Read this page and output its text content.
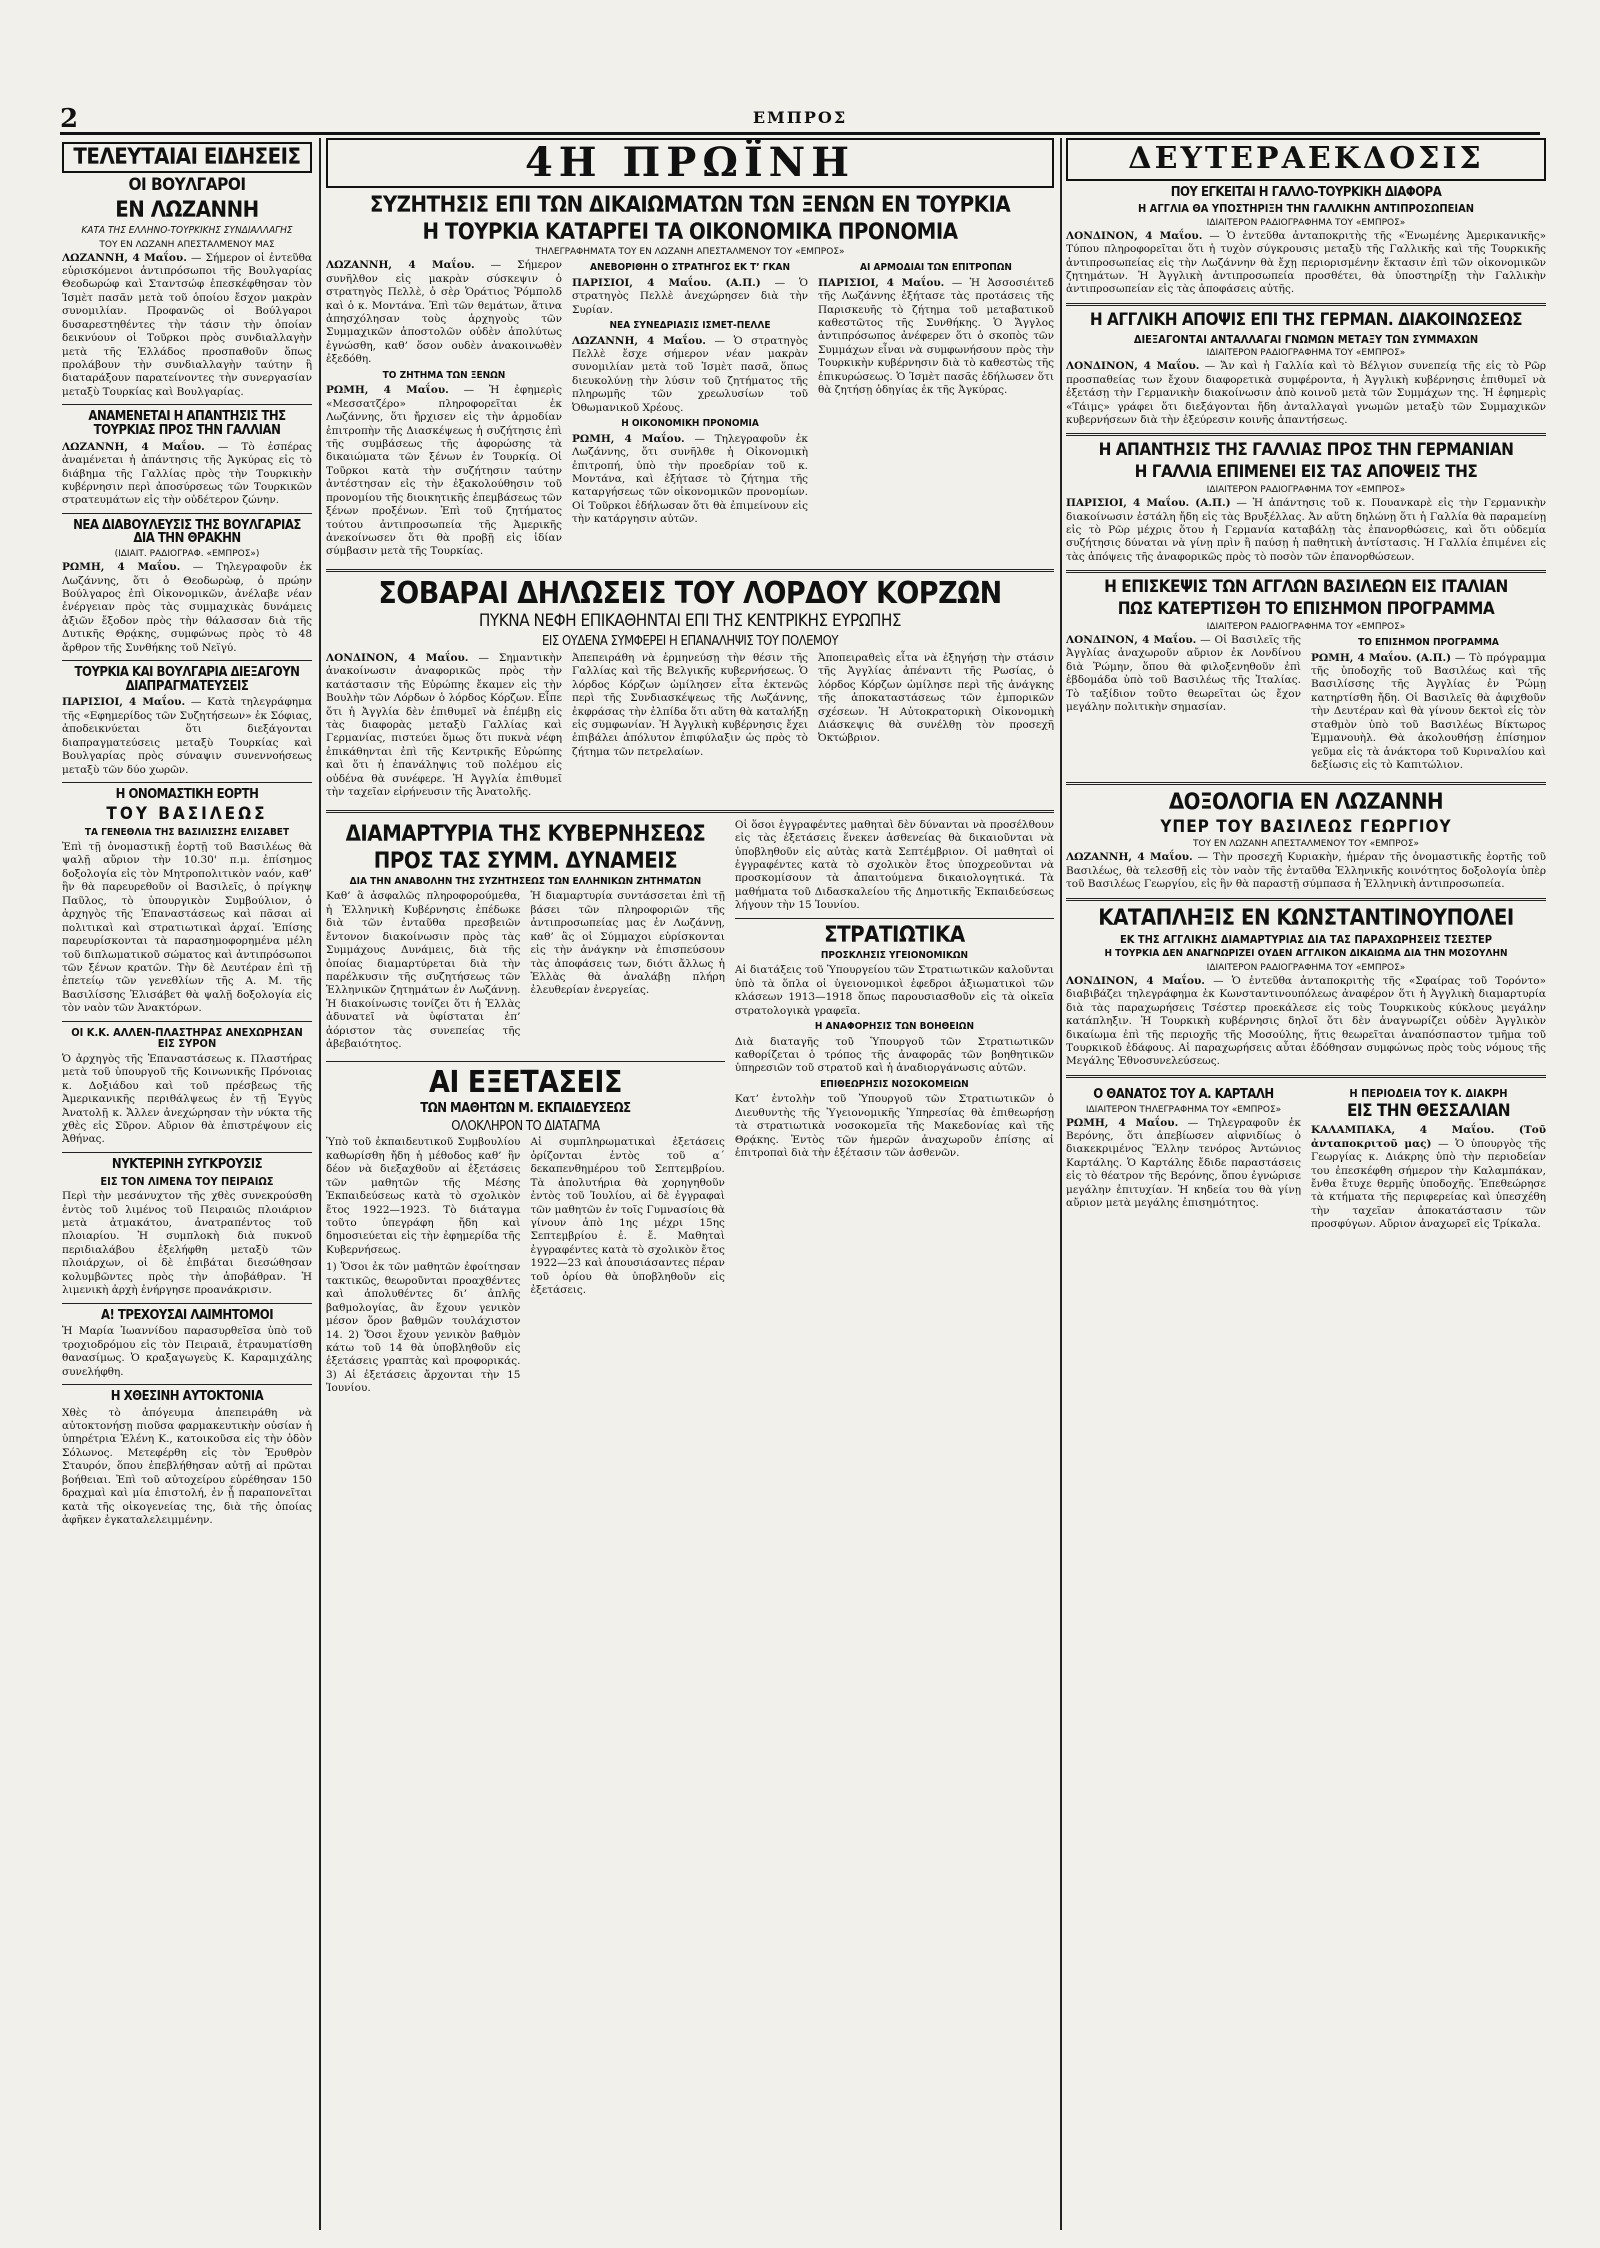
2	ΕΜΠΡΟΣ
ΤΕΛΕΥΤΑΙΑΙ ΕΙΔΗΣΕΙΣ
ΟΙ ΒΟΥΛΓΑΡΟΙ
ΕΝ ΛΩΖΑΝΝΗ
ΚΑΤΑ ΤΗΣ ΕΛΛΗΝΟ-ΤΟΥΡΚΙΚΗΣ ΣΥΝΔΙΑΛΛΑΓΗΣ
ΤΟΥ ΕΝ ΛΩΖΑΝΗ ΑΠΕΣΤΑΛΜΕΝΟΥ ΜΑΣ

ΛΩΖΑΝΝΗ, 4 Μαΐου. — Σήμερον οἱ ἐντεῦθα εὑρισκόμενοι ἀντιπρόσωποι τῆς Βουλγαρίας Θεοδωρώφ καὶ Σταντσώφ ἐπεσκέφθησαν τὸν Ἰσμὲτ πασᾶν μετὰ τοῦ ὁποίου ἔσχον μακρὰν συνομιλίαν. Προφανῶς οἱ Βούλγαροι δυσαρεστηθέντες τὴν τάσιν τὴν ὁποίαν δεικνύουν οἱ Τοῦρκοι πρὸς συνδιαλλαγὴν μετὰ τῆς Ἑλλάδος προσπαθοῦν ὅπως προλάβουν τὴν συνδιαλλαγὴν ταύτην ἢ διαταράξουν παρατείνοντες τὴν συνεργασίαν μεταξὺ Τουρκίας καὶ Βουλγαρίας.

ΑΝΑΜΕΝΕΤΑΙ Η ΑΠΑΝΤΗΣΙΣ ΤΗΣ ΤΟΥΡΚΙΑΣ ΠΡΟΣ ΤΗΝ ΓΑΛΛΙΑΝ

ΛΩΖΑΝΝΗ, 4 Μαΐου. — Τὸ ἐσπέρας ἀναμένεται ἡ ἀπάντησις τῆς Ἀγκύρας εἰς τὸ διάβημα τῆς Γαλλίας πρὸς τὴν Τουρκικὴν κυβέρνησιν περὶ ἀποσύρσεως τῶν Τουρκικῶν στρατευμάτων εἰς τὴν οὐδέτερον ζώνην.

ΝΕΑ ΔΙΑΒΟΥΛΕΥΣΙΣ ΤΗΣ ΒΟΥΛΓΑΡΙΑΣ ΔΙΑ ΤΗΝ ΘΡΑΚΗΝ
(ΙΔΙΑΙΤ. ΡΑΔΙΟΓΡΑΦ. «ΕΜΠΡΟΣ»)

ΡΩΜΗ, 4 Μαΐου. — Τηλεγραφοῦν ἐκ Λωζάννης, ὅτι ὁ Θεοδωρὼφ, ὁ πρώην Βούλγαρος ἐπὶ Οἰκονομικῶν, ἀνέλαβε νέαν ἐνέργειαν πρὸς τὰς συμμαχικὰς δυνάμεις ἀξιῶν ἔξοδον πρὸς τὴν θάλασσαν διὰ τῆς Δυτικῆς Θρᾴκης, συμφώνως πρὸς τὸ 48 ἄρθρον τῆς Συνθήκης τοῦ Νεϊγύ.

ΤΟΥΡΚΙΑ ΚΑΙ ΒΟΥΛΓΑΡΙΑ ΔΙΕΞΑΓΟΥΝ ΔΙΑΠΡΑΓΜΑΤΕΥΣΕΙΣ

ΠΑΡΙΣΙΟΙ, 4 Μαΐου. — Κατὰ τηλεγράφημα τῆς «Εφημερίδος τῶν Συζητήσεων» ἐκ Σόφιας, ἀποδεικνύεται ὅτι διεξάγονται διαπραγματεύσεις μεταξὺ Τουρκίας καὶ Βουλγαρίας πρὸς σύναψιν συνεννοήσεως μεταξὺ τῶν δύο χωρῶν.

Η ΟΝΟΜΑΣΤΙΚΗ ΕΟΡΤΗ
ΤΟΥ ΒΑΣΙΛΕΩΣ
ΤΑ ΓΕΝΕΘΛΙΑ ΤΗΣ ΒΑΣΙΛΙΣΣΗΣ ΕΛΙΣΑΒΕΤ

Ἐπὶ τῇ ὀνομαστικῇ ἑορτῇ τοῦ Βασιλέως θὰ ψαλῇ αὔριον τὴν 10.30' π.μ. ἐπίσημος δοξολογία εἰς τὸν Μητροπολιτικὸν ναόν, καθ’ ἣν θὰ παρευρεθοῦν οἱ Βασιλεῖς, ὁ πρίγκηψ Παῦλος, τὸ ὑπουργικὸν Συμβούλιον, ὁ ἀρχηγὸς τῆς Ἐπαναστάσεως καὶ πᾶσαι αἱ πολιτικαὶ καὶ στρατιωτικαὶ ἀρχαί. Ἐπίσης παρευρίσκονται τὰ παρασημοφορημένα μέλη τοῦ διπλωματικοῦ σώματος καὶ ἀντιπρόσωποι τῶν ξένων κρατῶν. Τὴν δὲ Δευτέραν ἐπὶ τῇ ἐπετείῳ τῶν γενεθλίων τῆς Α. Μ. τῆς Βασιλίσσης Ἐλισάβετ θὰ ψαλῇ δοξολογία εἰς τὸν ναὸν τῶν Ἀνακτόρων.

ΟΙ Κ.Κ. ΑΛΛΕΝ-ΠΛΑΣΤΗΡΑΣ ΑΝΕΧΩΡΗΣΑΝ ΕΙΣ ΣΥΡΟΝ

Ὁ ἀρχηγὸς τῆς Ἐπαναστάσεως κ. Πλαστήρας μετὰ τοῦ ὑπουργοῦ τῆς Κοινωνικῆς Πρόνοιας κ. Δοξιάδου καὶ τοῦ πρέσβεως τῆς Ἀμερικανικῆς περιθάλψεως ἐν τῇ Ἐγγὺς Ἀνατολῇ κ. Ἄλλεν ἀνεχώρησαν τὴν νύκτα τῆς χθὲς εἰς Σῦρον. Αὔριον θὰ ἐπιστρέψουν εἰς Ἀθήνας.

ΝΥΚΤΕΡΙΝΗ ΣΥΓΚΡΟΥΣΙΣ
ΕΙΣ ΤΟΝ ΛΙΜΕΝΑ ΤΟΥ ΠΕΙΡΑΙΩΣ

Περὶ τὴν μεσάνυχτον τῆς χθὲς συνεκρούσθη ἐντὸς τοῦ λιμένος τοῦ Πειραιῶς πλοιάριον μετὰ ἀτμακάτου, ἀνατραπέντος τοῦ πλοιαρίου. Ἡ συμπλοκὴ διὰ πυκνοῦ περιδιαλάβου ἐξελήφθη μεταξὺ τῶν πλοιάρχων, οἱ δὲ ἐπιβάται διεσώθησαν κολυμβῶντες πρὸς τὴν ἀποβάθραν. Ἡ λιμενικὴ ἀρχὴ ἐνήργησε προανάκρισιν.

Α! ΤΡΕΧΟΥΣΑΙ ΛΑΙΜΗΤΟΜΟΙ

Ἡ Μαρία Ἰωαννίδου παρασυρθεῖσα ὑπὸ τοῦ τροχιοδρόμου εἰς τὸν Πειραιᾶ, ἐτραυματίσθη θανασίμως. Ὁ κραξαγωγεὺς Κ. Καραμιχάλης συνελήφθη.

Η ΧΘΕΣΙΝΗ ΑΥΤΟΚΤΟΝΙΑ

Χθὲς τὸ ἀπόγευμα ἀπεπειράθη νὰ αὐτοκτονήσῃ πιοῦσα φαρμακευτικὴν οὐσίαν ἡ ὑπηρέτρια Ἑλένη Κ., κατοικοῦσα εἰς τὴν ὁδὸν Σόλωνος. Μετεφέρθη εἰς τὸν Ἑρυθρὸν Σταυρόν, ὅπου ἐπεβλήθησαν αὐτῇ αἱ πρῶται βοήθειαι. Ἐπὶ τοῦ αὐτοχείρου εὑρέθησαν 150 δραχμαὶ καὶ μία ἐπιστολή, ἐν ᾗ παραπονεῖται κατὰ τῆς οἰκογενείας της, διὰ τῆς ὁποίας ἀφῆκεν ἐγκαταλελειμμένην.

4Η ΠΡΩΪΝΗ
ΣΥΖΗΤΗΣΙΣ ΕΠΙ ΤΩΝ ΔΙΚΑΙΩΜΑΤΩΝ ΤΩΝ ΞΕΝΩΝ ΕΝ ΤΟΥΡΚΙΑ
Η ΤΟΥΡΚΙΑ ΚΑΤΑΡΓΕΙ ΤΑ ΟΙΚΟΝΟΜΙΚΑ ΠΡΟΝΟΜΙΑ
ΤΗΛΕΓΡΑΦΗΜΑΤΑ ΤΟΥ ΕΝ ΛΩΖΑΝΗ ΑΠΕΣΤΑΛΜΕΝΟΥ ΤΟΥ «ΕΜΠΡΟΣ»

ΛΩΖΑΝΝΗ, 4 Μαΐου. — Σήμερον συνῆλθον εἰς μακρὰν σύσκεψιν ὁ στρατηγὸς Πελλὲ, ὁ σὲρ Ὁράτιος Ῥόμπολδ καὶ ὁ κ. Μοντάνα. Ἐπὶ τῶν θεμάτων, ἅτινα ἀπησχόλησαν τοὺς ἀρχηγοὺς τῶν Συμμαχικῶν ἀποστολῶν οὐδὲν ἀπολύτως ἐγνώσθη, καθ’ ὅσον ουδὲν ἀνακοινωθὲν ἐξεδόθη.

ΤΟ ΖΗΤΗΜΑ ΤΩΝ ΞΕΝΩΝ

ΡΩΜΗ, 4 Μαΐου. — Ἡ ἐφημερὶς «Μεσσατζέρο» πληροφορεῖται ἐκ Λωζάννης, ὅτι ἤρχισεν εἰς τὴν ἁρμοδίαν ἐπιτροπὴν τῆς Διασκέψεως ἡ συζήτησις ἐπὶ τῆς συμβάσεως τῆς ἀφορώσης τὰ δικαιώματα τῶν ξένων ἐν Τουρκίᾳ. Οἱ Τοῦρκοι κατὰ τὴν συζήτησιν ταύτην ἀντέστησαν εἰς τὴν ἐξακολούθησιν τοῦ προνομίου τῆς διοικητικῆς ἐπεμβάσεως τῶν ξένων προξένων. Ἐπὶ τοῦ ζητήματος τούτου ἀντιπροσωπεία τῆς Ἀμερικῆς ἀνεκοίνωσεν ὅτι θὰ προβῇ εἰς ἰδίαν σύμβασιν μετὰ τῆς Τουρκίας.

ΑΝΕΒΟΡΙΘΗΗ Ο ΣΤΡΑΤΗΓΟΣ ΕΚ Τ’ ΓΚΑΝ

ΠΑΡΙΣΙΟΙ, 4 Μαΐου. (Α.Π.) — Ὁ στρατηγὸς Πελλὲ ἀνεχώρησεν διὰ τὴν Συρίαν.

ΝΕΑ ΣΥΝΕΔΡΙΑΣΙΣ ΙΣΜΕΤ-ΠΕΛΛΕ

ΛΩΖΑΝΝΗ, 4 Μαΐου. — Ὁ στρατηγὸς Πελλὲ ἔσχε σήμερον νέαν μακρὰν συνομιλίαν μετὰ τοῦ Ἰσμὲτ πασᾶ, ὅπως διευκολύνῃ τὴν λύσιν τοῦ ζητήματος τῆς πληρωμῆς τῶν χρεωλυσίων τοῦ Ὀθωμανικοῦ Χρέους.

Η ΟΙΚΟΝΟΜΙΚΗ ΠΡΟΝΟΜΙΑ

ΡΩΜΗ, 4 Μαΐου. — Τηλεγραφοῦν ἐκ Λωζάννης, ὅτι συνῆλθε ἡ Οἰκονομικὴ ἐπιτροπή, ὑπὸ τὴν προεδρίαν τοῦ κ. Μοντάνα, καὶ ἐξήτασε τὸ ζήτημα τῆς καταργήσεως τῶν οἰκονομικῶν προνομίων. Οἱ Τοῦρκοι ἐδήλωσαν ὅτι θὰ ἐπιμείνουν εἰς τὴν κατάργησιν αὐτῶν.

ΑΙ ΑΡΜΟΔΙΑΙ ΤΩΝ ΕΠΙΤΡΟΠΩΝ

ΠΑΡΙΣΙΟΙ, 4 Μαΐου. — Ἡ Ἀσσοσιέιτεδ τῆς Λωζάννης ἐξήτασε τὰς προτάσεις τῆς Παρισκευῆς τὸ ζήτημα τοῦ μεταβατικοῦ καθεστῶτος τῆς Συνθήκης. Ὁ Ἄγγλος ἀντιπρόσωπος ἀνέφερεν ὅτι ὁ σκοπὸς τῶν Συμμάχων εἶναι νὰ συμφωνήσουν πρὸς τὴν Τουρκικὴν κυβέρνησιν διὰ τὸ καθεστὼς τῆς ἐπικυρώσεως. Ὁ Ἰσμὲτ πασᾶς ἐδήλωσεν ὅτι θὰ ζητήσῃ ὁδηγίας ἐκ τῆς Ἀγκύρας.

ΣΟΒΑΡΑΙ ΔΗΛΩΣΕΙΣ ΤΟΥ ΛΟΡΔΟΥ ΚΟΡΖΩΝ
ΠΥΚΝΑ ΝΕΦΗ ΕΠΙΚΑΘΗΝΤΑΙ ΕΠΙ ΤΗΣ ΚΕΝΤΡΙΚΗΣ ΕΥΡΩΠΗΣ
ΕΙΣ ΟΥΔΕΝΑ ΣΥΜΦΕΡΕΙ Η ΕΠΑΝΑΛΗΨΙΣ ΤΟΥ ΠΟΛΕΜΟΥ

ΛΟΝΔΙΝΟΝ, 4 Μαΐου. — Σημαντικὴν ἀνακοίνωσιν ἀναφορικῶς πρὸς τὴν κατάστασιν τῆς Εὐρώπης ἔκαμεν εἰς τὴν Βουλὴν τῶν Λόρδων ὁ λόρδος Κόρζων. Εἶπε ὅτι ἡ Ἀγγλία δὲν ἐπιθυμεῖ νὰ ἐπέμβῃ εἰς τὰς διαφορὰς μεταξὺ Γαλλίας καὶ Γερμανίας, πιστεύει ὅμως ὅτι πυκνὰ νέφη ἐπικάθηνται ἐπὶ τῆς Κεντρικῆς Εὐρώπης καὶ ὅτι ἡ ἐπανάληψις τοῦ πολέμου εἰς οὐδένα θὰ συνέφερε. Ἡ Ἀγγλία ἐπιθυμεῖ τὴν ταχεῖαν εἰρήνευσιν τῆς Ἀνατολῆς.

Ἀπεπειράθη νὰ ἑρμηνεύσῃ τὴν θέσιν τῆς Γαλλίας καὶ τῆς Βελγικῆς κυβερνήσεως. Ὁ λόρδος Κόρζων ὡμίλησεν εἶτα ἐκτενῶς περὶ τῆς Συνδιασκέψεως τῆς Λωζάννης, ἐκφράσας τὴν ἐλπίδα ὅτι αὕτη θὰ καταλήξῃ εἰς συμφωνίαν. Ἡ Ἀγγλικὴ κυβέρνησις ἔχει ἐπιβάλει ἀπόλυτον ἐπιφύλαξιν ὡς πρὸς τὸ ζήτημα τῶν πετρελαίων.

Ἀποπειραθεὶς εἶτα νὰ ἐξηγήσῃ τὴν στάσιν τῆς Ἀγγλίας ἀπέναντι τῆς Ρωσίας, ὁ λόρδος Κόρζων ὡμίλησε περὶ τῆς ἀνάγκης τῆς ἀποκαταστάσεως τῶν ἐμπορικῶν σχέσεων. Ἡ Αὐτοκρατορικὴ Οἰκονομικὴ Διάσκεψις θὰ συνέλθῃ τὸν προσεχῆ Ὀκτώβριον.

ΔΙΑΜΑΡΤΥΡΙΑ ΤΗΣ ΚΥΒΕΡΝΗΣΕΩΣ
ΠΡΟΣ ΤΑΣ ΣΥΜΜ. ΔΥΝΑΜΕΙΣ
ΔΙΑ ΤΗΝ ΑΝΑΒΟΛΗΝ ΤΗΣ ΣΥΖΗΤΗΣΕΩΣ ΤΩΝ ΕΛΛΗΝΙΚΩΝ ΖΗΤΗΜΑΤΩΝ

Καθ’ ἃ ἀσφαλῶς πληροφορούμεθα, ἡ Ἑλληνικὴ Κυβέρνησις ἐπέδωκε διὰ τῶν ἐνταῦθα πρεσβειῶν ἔντονον διακοίνωσιν πρὸς τὰς Συμμάχους Δυνάμεις, διὰ τῆς ὁποίας διαμαρτύρεται διὰ τὴν παρέλκυσιν τῆς συζητήσεως τῶν Ἑλληνικῶν ζητημάτων ἐν Λωζάννῃ. Ἡ διακοίνωσις τονίζει ὅτι ἡ Ἑλλὰς ἀδυνατεῖ νὰ ὑφίσταται ἐπ’ ἀόριστον τὰς συνεπείας τῆς ἀβεβαιότητος.

Ἡ διαμαρτυρία συντάσσεται ἐπὶ τῇ βάσει τῶν πληροφοριῶν τῆς ἀντιπροσωπείας μας ἐν Λωζάννῃ, καθ’ ἃς οἱ Σύμμαχοι εὑρίσκονται εἰς τὴν ἀνάγκην νὰ ἐπισπεύσουν τὰς ἀποφάσεις των, διότι ἄλλως ἡ Ἑλλὰς θὰ ἀναλάβῃ πλήρη ἐλευθερίαν ἐνεργείας.

ΑΙ ΕΞΕΤΑΣΕΙΣ
ΤΩΝ ΜΑΘΗΤΩΝ Μ. ΕΚΠΑΙΔΕΥΣΕΩΣ
ΟΛΟΚΛΗΡΟΝ ΤΟ ΔΙΑΤΑΓΜΑ

Ὑπὸ τοῦ ἐκπαιδευτικοῦ Συμβουλίου καθωρίσθη ἤδη ἡ μέθοδος καθ’ ἣν δέον νὰ διεξαχθοῦν αἱ ἐξετάσεις τῶν μαθητῶν τῆς Μέσης Ἐκπαιδεύσεως κατὰ τὸ σχολικὸν ἔτος 1922—1923. Τὸ διάταγμα τοῦτο ὑπεγράφη ἤδη καὶ δημοσιεύεται εἰς τὴν ἐφημερίδα τῆς Κυβερνήσεως.

1) Ὅσοι ἐκ τῶν μαθητῶν ἐφοίτησαν τακτικῶς, θεωροῦνται προαχθέντες καὶ ἀπολυθέντες δι’ ἀπλῆς βαθμολογίας, ἂν ἔχουν γενικὸν μέσον ὅρον βαθμῶν τουλάχιστον 14. 2) Ὅσοι ἔχουν γενικὸν βαθμὸν κάτω τοῦ 14 θὰ ὑποβληθοῦν εἰς ἐξετάσεις γραπτὰς καὶ προφορικάς. 3) Αἱ ἐξετάσεις ἄρχονται τὴν 15 Ἰουνίου.

Αἱ συμπληρωματικαὶ ἐξετάσεις ὁρίζονται ἐντὸς τοῦ α΄ δεκαπενθημέρου τοῦ Σεπτεμβρίου. Τὰ ἀπολυτήρια θὰ χορηγηθοῦν ἐντὸς τοῦ Ἰουλίου, αἱ δὲ ἐγγραφαὶ τῶν μαθητῶν ἐν τοῖς Γυμνασίοις θὰ γίνουν ἀπὸ 1ης μέχρι 15ης Σεπτεμβρίου ἐ. ἔ. Μαθηταὶ ἐγγραφέντες κατὰ τὸ σχολικὸν ἔτος 1922—23 καὶ ἀπουσιάσαντες πέραν τοῦ ὁρίου θὰ ὑποβληθοῦν εἰς ἐξετάσεις.

Οἱ ὅσοι ἐγγραφέντες μαθηταὶ δὲν δύνανται νὰ προσέλθουν εἰς τὰς ἐξετάσεις ἕνεκεν ἀσθενείας θὰ δικαιοῦνται νὰ ὑποβληθοῦν εἰς αὐτὰς κατὰ Σεπτέμβριον. Οἱ μαθηταὶ οἱ ἐγγραφέντες κατὰ τὸ σχολικὸν ἔτος ὑποχρεοῦνται νὰ προσκομίσουν τὰ ἀπαιτούμενα δικαιολογητικά. Τὰ μαθήματα τοῦ Διδασκαλείου τῆς Δημοτικῆς Ἐκπαιδεύσεως λήγουν τὴν 15 Ἰουνίου.

ΣΤΡΑΤΙΩΤΙΚΑ
ΠΡΟΣΚΛΗΣΙΣ ΥΓΕΙΟΝΟΜΙΚΩΝ

Αἱ διατάξεις τοῦ Ὑπουργείου τῶν Στρατιωτικῶν καλοῦνται ὑπὸ τὰ ὅπλα οἱ ὑγειονομικοὶ ἐφεδροι ἀξιωματικοὶ τῶν κλάσεων 1913—1918 ὅπως παρουσιασθοῦν εἰς τὰ οἰκεῖα στρατολογικὰ γραφεῖα.

Η ΑΝΑΦΟΡΗΣΙΣ ΤΩΝ ΒΟΗΘΕΙΩΝ

Διὰ διαταγῆς τοῦ Ὑπουργοῦ τῶν Στρατιωτικῶν καθορίζεται ὁ τρόπος τῆς ἀναφορᾶς τῶν βοηθητικῶν ὑπηρεσιῶν τοῦ στρατοῦ καὶ ἡ ἀναδιοργάνωσις αὐτῶν.

ΕΠΙΘΕΩΡΗΣΙΣ ΝΟΣΟΚΟΜΕΙΩΝ

Κατ’ ἐντολὴν τοῦ Ὑπουργοῦ τῶν Στρατιωτικῶν ὁ Διευθυντὴς τῆς Ὑγειονομικῆς Ὑπηρεσίας θὰ ἐπιθεωρήσῃ τὰ στρατιωτικὰ νοσοκομεῖα τῆς Μακεδονίας καὶ τῆς Θρᾴκης. Ἐντὸς τῶν ἡμερῶν ἀναχωροῦν ἐπίσης αἱ ἐπιτροπαὶ διὰ τὴν ἐξέτασιν τῶν ἀσθενῶν.

ΔΕΥΤΕΡΑΕΚΔΟΣΙΣ
ΠΟΥ ΕΓΚΕΙΤΑΙ Η ΓΑΛΛΟ-ΤΟΥΡΚΙΚΗ ΔΙΑΦΟΡΑ
Η ΑΓΓΛΙΑ ΘΑ ΥΠΟΣΤΗΡΙΞΗ ΤΗΝ ΓΑΛΛΙΚΗΝ ΑΝΤΙΠΡΟΣΩΠΕΙΑΝ
ΙΔΙΑΙΤΕΡΟΝ ΡΑΔΙΟΓΡΑΦΗΜΑ ΤΟΥ «ΕΜΠΡΟΣ»

ΛΟΝΔΙΝΟΝ, 4 Μαΐου. — Ὁ ἐντεῦθα ἀνταποκριτὴς τῆς «Ἑνωμένης Ἀμερικανικῆς» Τύπου πληροφορεῖται ὅτι ἡ τυχὸν σύγκρουσις μεταξὺ τῆς Γαλλικῆς καὶ τῆς Τουρκικῆς ἀντιπροσωπείας εἰς τὴν Λωζάννην θὰ ἔχῃ περιορισμένην ἔκτασιν ἐπὶ τῶν οἰκονομικῶν ζητημάτων. Ἡ Ἀγγλικὴ ἀντιπροσωπεία προσθέτει, θὰ ὑποστηρίξῃ τὴν Γαλλικὴν ἀντιπροσωπείαν εἰς τὰς ἀποφάσεις αὐτῆς.

Η ΑΓΓΛΙΚΗ ΑΠΟΨΙΣ ΕΠΙ ΤΗΣ ΓΕΡΜΑΝ. ΔΙΑΚΟΙΝΩΣΕΩΣ
ΔΙΕΞΑΓΟΝΤΑΙ ΑΝΤΑΛΛΑΓΑΙ ΓΝΩΜΩΝ ΜΕΤΑΞΥ ΤΩΝ ΣΥΜΜΑΧΩΝ
ΙΔΙΑΙΤΕΡΟΝ ΡΑΔΙΟΓΡΑΦΗΜΑ ΤΟΥ «ΕΜΠΡΟΣ»

ΛΟΝΔΙΝΟΝ, 4 Μαΐου. — Ἄν καὶ ἡ Γαλλία καὶ τὸ Βέλγιον συνεπείᾳ τῆς εἰς τὸ Ρῶρ προσπαθείας των ἔχουν διαφορετικὰ συμφέροντα, ἡ Ἀγγλικὴ κυβέρνησις ἐπιθυμεῖ νὰ ἐξετάσῃ τὴν Γερμανικὴν διακοίνωσιν ἀπὸ κοινοῦ μετὰ τῶν Συμμάχων της. Ἡ ἐφημερὶς «Τάιμς» γράφει ὅτι διεξάγονται ἤδη ἀνταλλαγαὶ γνωμῶν μεταξὺ τῶν Συμμαχικῶν κυβερνήσεων διὰ τὴν ἐξεύρεσιν κοινῆς ἀπαντήσεως.

Η ΑΠΑΝΤΗΣΙΣ ΤΗΣ ΓΑΛΛΙΑΣ ΠΡΟΣ ΤΗΝ ΓΕΡΜΑΝΙΑΝ
Η ΓΑΛΛΙΑ ΕΠΙΜΕΝΕΙ ΕΙΣ ΤΑΣ ΑΠΟΨΕΙΣ ΤΗΣ
ΙΔΙΑΙΤΕΡΟΝ ΡΑΔΙΟΓΡΑΦΗΜΑ ΤΟΥ «ΕΜΠΡΟΣ»

ΠΑΡΙΣΙΟΙ, 4 Μαΐου. (Α.Π.) — Ἡ ἀπάντησις τοῦ κ. Πουανκαρὲ εἰς τὴν Γερμανικὴν διακοίνωσιν ἐστάλη ἤδη εἰς τὰς Βρυξέλλας. Ἀν αὕτη δηλώνῃ ὅτι ἡ Γαλλία θὰ παραμείνῃ εἰς τὸ Ρῶρ μέχρις ὅτου ἡ Γερμανία καταβάλῃ τὰς ἐπανορθώσεις, καὶ ὅτι οὐδεμία συζήτησις δύναται νὰ γίνῃ πρὶν ἢ παύσῃ ἡ παθητικὴ ἀντίστασις. Ἡ Γαλλία ἐπιμένει εἰς τὰς ἀπόψεις τῆς ἀναφορικῶς πρὸς τὸ ποσὸν τῶν ἐπανορθώσεων.

Η ΕΠΙΣΚΕΨΙΣ ΤΩΝ ΑΓΓΛΩΝ ΒΑΣΙΛΕΩΝ ΕΙΣ ΙΤΑΛΙΑΝ
ΠΩΣ ΚΑΤΕΡΤΙΣΘΗ ΤΟ ΕΠΙΣΗΜΟΝ ΠΡΟΓΡΑΜΜΑ
ΙΔΙΑΙΤΕΡΟΝ ΡΑΔΙΟΓΡΑΦΗΜΑ ΤΟΥ «ΕΜΠΡΟΣ»

ΛΟΝΔΙΝΟΝ, 4 Μαΐου. — Οἱ Βασιλεῖς τῆς Ἀγγλίας ἀναχωροῦν αὔριον ἐκ Λονδίνου διὰ Ῥώμην, ὅπου θὰ φιλοξενηθοῦν ἐπὶ ἑβδομάδα ὑπὸ τοῦ Βασιλέως τῆς Ἰταλίας. Τὸ ταξίδιον τοῦτο θεωρεῖται ὡς ἔχον μεγάλην πολιτικὴν σημασίαν.

ΤΟ ΕΠΙΣΗΜΟΝ ΠΡΟΓΡΑΜΜΑ

ΡΩΜΗ, 4 Μαΐου. (Α.Π.) — Τὸ πρόγραμμα τῆς ὑποδοχῆς τοῦ Βασιλέως καὶ τῆς Βασιλίσσης τῆς Ἀγγλίας ἐν Ῥώμῃ κατηρτίσθη ἤδη. Οἱ Βασιλεῖς θὰ ἀφιχθοῦν τὴν Δευτέραν καὶ θὰ γίνουν δεκτοὶ εἰς τὸν σταθμὸν ὑπὸ τοῦ Βασιλέως Βίκτωρος Ἐμμανουὴλ. Θὰ ἀκολουθήσῃ ἐπίσημον γεῦμα εἰς τὰ ἀνάκτορα τοῦ Κυριναλίου καὶ δεξίωσις εἰς τὸ Καπιτώλιον.

ΔΟΞΟΛΟΓΙΑ ΕΝ ΛΩΖΑΝΝΗ
ΥΠΕΡ ΤΟΥ ΒΑΣΙΛΕΩΣ ΓΕΩΡΓΙΟΥ
ΤΟΥ ΕΝ ΛΩΖΑΝΗ ΑΠΕΣΤΑΛΜΕΝΟΥ ΤΟΥ «ΕΜΠΡΟΣ»

ΛΩΖΑΝΝΗ, 4 Μαΐου. — Τὴν προσεχῆ Κυριακὴν, ἡμέραν τῆς ὀνομαστικῆς ἑορτῆς τοῦ Βασιλέως, θὰ τελεσθῇ εἰς τὸν ναὸν τῆς ἐνταῦθα Ἑλληνικῆς κοινότητος δοξολογία ὑπὲρ τοῦ Βασιλέως Γεωργίου, εἰς ἣν θὰ παραστῇ σύμπασα ἡ Ἑλληνικὴ ἀντιπροσωπεία.

ΚΑΤΑΠΛΗΞΙΣ ΕΝ ΚΩΝΣΤΑΝΤΙΝΟΥΠΟΛΕΙ
ΕΚ ΤΗΣ ΑΓΓΛΙΚΗΣ ΔΙΑΜΑΡΤΥΡΙΑΣ ΔΙΑ ΤΑΣ ΠΑΡΑΧΩΡΗΣΕΙΣ ΤΣΕΣΤΕΡ
Η ΤΟΥΡΚΙΑ ΔΕΝ ΑΝΑΓΝΩΡΙΖΕΙ ΟΥΔΕΝ ΑΓΓΛΙΚΟΝ ΔΙΚΑΙΩΜΑ ΔΙΑ ΤΗΝ ΜΟΣΟΥΛΗΝ
ΙΔΙΑΙΤΕΡΟΝ ΡΑΔΙΟΓΡΑΦΗΜΑ ΤΟΥ «ΕΜΠΡΟΣ»

ΛΟΝΔΙΝΟΝ, 4 Μαΐου. — Ὁ ἐντεῦθα ἀνταποκριτὴς τῆς «Σφαίρας τοῦ Τορόντο» διαβιβάζει τηλεγράφημα ἐκ Κωνσταντινουπόλεως ἀναφέρον ὅτι ἡ Ἀγγλικὴ διαμαρτυρία διὰ τὰς παραχωρήσεις Τσέστερ προεκάλεσε εἰς τοὺς Τουρκικοὺς κύκλους μεγάλην κατάπληξιν. Ἡ Τουρκικὴ κυβέρνησις δηλοῖ ὅτι δὲν ἀναγνωρίζει οὐδὲν Ἀγγλικὸν δικαίωμα ἐπὶ τῆς περιοχῆς τῆς Μοσούλης, ἥτις θεωρεῖται ἀναπόσπαστον τμῆμα τοῦ Τουρκικοῦ ἐδάφους. Αἱ παραχωρήσεις αὗται ἐδόθησαν συμφώνως πρὸς τοὺς νόμους τῆς Μεγάλης Ἐθνοσυνελεύσεως.

Ο ΘΑΝΑΤΟΣ ΤΟΥ Α. ΚΑΡΤΑΛΗ
ΙΔΙΑΙΤΕΡΟΝ ΤΗΛΕΓΡΑΦΗΜΑ ΤΟΥ «ΕΜΠΡΟΣ»

ΡΩΜΗ, 4 Μαΐου. — Τηλεγραφοῦν ἐκ Βερόνης, ὅτι ἀπεβίωσεν αἰφνιδίως ὁ διακεκριμένος Ἕλλην τενόρος Ἀντώνιος Καρτάλης. Ὁ Καρτάλης ἔδιδε παραστάσεις εἰς τὸ θέατρον τῆς Βερόνης, ὅπου ἐγνώρισε μεγάλην ἐπιτυχίαν. Ἡ κηδεία του θὰ γίνῃ αὔριον μετὰ μεγάλης ἐπισημότητος.

Η ΠΕΡΙΟΔΕΙΑ ΤΟΥ Κ. ΔΙΑΚΡΗ
ΕΙΣ ΤΗΝ ΘΕΣΣΑΛΙΑΝ

ΚΑΛΑΜΠΑΚΑ, 4 Μαΐου. (Τοῦ ἀνταποκριτοῦ μας) — Ὁ ὑπουργὸς τῆς Γεωργίας κ. Διάκρης ὑπὸ τὴν περιοδείαν του ἐπεσκέφθη σήμερον τὴν Καλαμπάκαν, ἔνθα ἔτυχε θερμῆς ὑποδοχῆς. Ἐπεθεώρησε τὰ κτήματα τῆς περιφερείας καὶ ὑπεσχέθη τὴν ταχεῖαν ἀποκατάστασιν τῶν προσφύγων. Αὔριον ἀναχωρεῖ εἰς Τρίκαλα.
